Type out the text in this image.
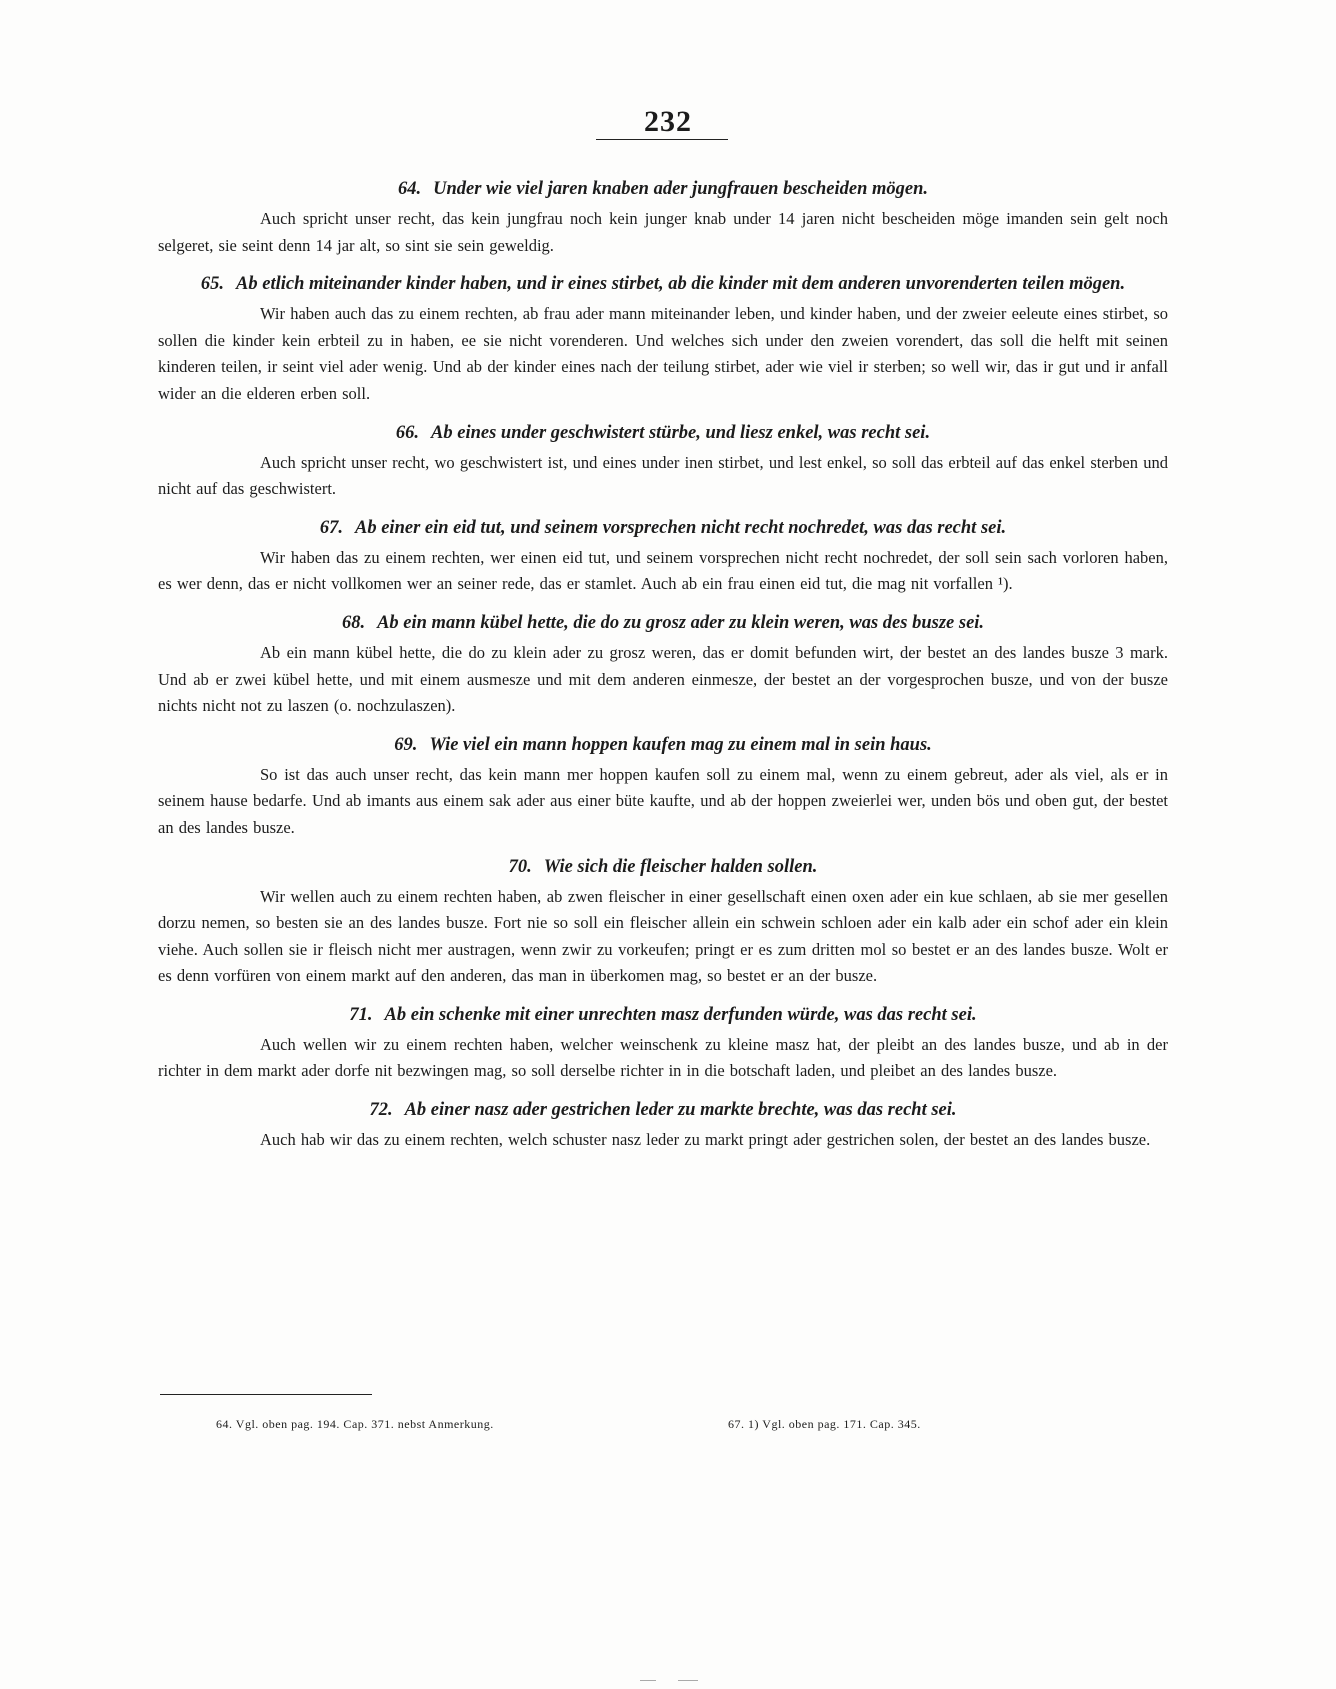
232
64. Under wie viel jaren knaben ader jungfrauen bescheiden mögen.

Auch spricht unser recht, das kein jungfrau noch kein junger knab under 14 jaren nicht bescheiden möge imanden sein gelt noch selgeret, sie seint denn 14 jar alt, so sint sie sein geweldig.

65. Ab etlich miteinander kinder haben, und ir eines stirbet, ab die kinder mit dem anderen unvorenderten teilen mögen.

Wir haben auch das zu einem rechten, ab frau ader mann miteinander leben, und kinder haben, und der zweier eeleute eines stirbet, so sollen die kinder kein erbteil zu in haben, ee sie nicht vorenderen. Und welches sich under den zweien vorendert, das soll die helft mit seinen kinderen teilen, ir seint viel ader wenig. Und ab der kinder eines nach der teilung stirbet, ader wie viel ir sterben; so well wir, das ir gut und ir anfall wider an die elderen erben soll.

66. Ab eines under geschwistert stürbe, und liesz enkel, was recht sei.

Auch spricht unser recht, wo geschwistert ist, und eines under inen stirbet, und lest enkel, so soll das erbteil auf das enkel sterben und nicht auf das geschwistert.

67. Ab einer ein eid tut, und seinem vorsprechen nicht recht nochredet, was das recht sei.

Wir haben das zu einem rechten, wer einen eid tut, und seinem vorsprechen nicht recht nochredet, der soll sein sach vorloren haben, es wer denn, das er nicht vollkomen wer an seiner rede, das er stamlet. Auch ab ein frau einen eid tut, die mag nit vorfallen ¹).

68. Ab ein mann kübel hette, die do zu grosz ader zu klein weren, was des busze sei.

Ab ein mann kübel hette, die do zu klein ader zu grosz weren, das er domit befunden wirt, der bestet an des landes busze 3 mark. Und ab er zwei kübel hette, und mit einem ausmesze und mit dem anderen einmesze, der bestet an der vorgesprochen busze, und von der busze nichts nicht not zu laszen (o. nochzulaszen).

69. Wie viel ein mann hoppen kaufen mag zu einem mal in sein haus.

So ist das auch unser recht, das kein mann mer hoppen kaufen soll zu einem mal, wenn zu einem gebreut, ader als viel, als er in seinem hause bedarfe. Und ab imants aus einem sak ader aus einer büte kaufte, und ab der hoppen zweierlei wer, unden bös und oben gut, der bestet an des landes busze.

70. Wie sich die fleischer halden sollen.

Wir wellen auch zu einem rechten haben, ab zwen fleischer in einer gesellschaft einen oxen ader ein kue schlaen, ab sie mer gesellen dorzu nemen, so besten sie an des landes busze. Fort nie so soll ein fleischer allein ein schwein schloen ader ein kalb ader ein schof ader ein klein viehe. Auch sollen sie ir fleisch nicht mer austragen, wenn zwir zu vorkeufen; pringt er es zum dritten mol so bestet er an des landes busze. Wolt er es denn vorfüren von einem markt auf den anderen, das man in überkomen mag, so bestet er an der busze.

71. Ab ein schenke mit einer unrechten masz derfunden würde, was das recht sei.

Auch wellen wir zu einem rechten haben, welcher weinschenk zu kleine masz hat, der pleibt an des landes busze, und ab in der richter in dem markt ader dorfe nit bezwingen mag, so soll derselbe richter in in die botschaft laden, und pleibet an des landes busze.

72. Ab einer nasz ader gestrichen leder zu markte brechte, was das recht sei.

Auch hab wir das zu einem rechten, welch schuster nasz leder zu markt pringt ader gestrichen solen, der bestet an des landes busze.

64. Vgl. oben pag. 194. Cap. 371. nebst Anmerkung.	67. 1) Vgl. oben pag. 171. Cap. 345.
